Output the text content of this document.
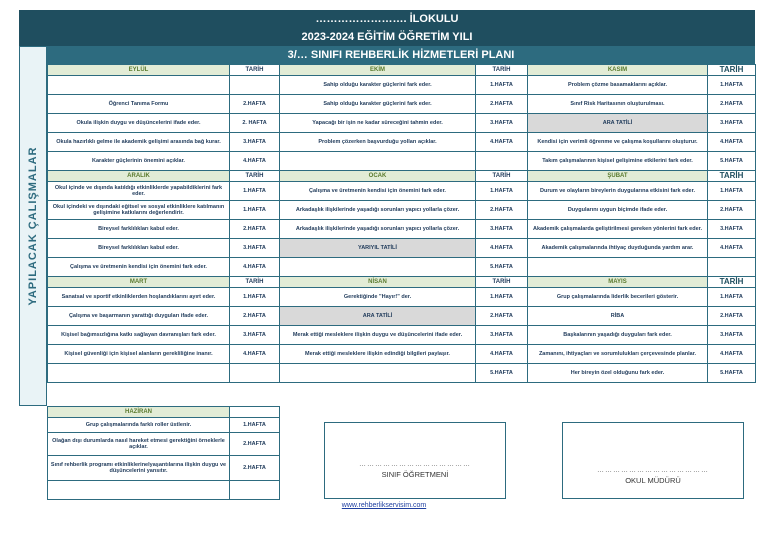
……………………. İLOKULU
2023-2024 EĞİTİM ÖĞRETİM YILI
YAPILACAK ÇALIŞMALAR
3/… SINIFI REHBERLİK HİZMETLERİ PLANI
EYLÜL	TARİH	EKİM	TARİH	KASIM	TARİH
		Sahip olduğu karakter güçlerini fark eder.	1.HAFTA	Problem çözme basamaklarını açıklar.	1.HAFTA
Öğrenci Tanıma Formu	2.HAFTA	Sahip olduğu karakter güçlerini fark eder.	2.HAFTA	Sınıf Risk Haritasının oluşturulması.	2.HAFTA
Okula ilişkin duygu ve düşüncelerini ifade eder.	2. HAFTA	Yapacağı bir işin ne kadar süreceğini tahmin eder.	3.HAFTA	ARA TATİLİ	3.HAFTA
Okula hazırlıklı gelme ile akademik gelişimi arasında bağ kurar.	3.HAFTA	Problem çözerken başvurduğu yolları açıklar.	4.HAFTA	Kendisi için verimli öğrenme ve çalışma koşullarını oluşturur.	4.HAFTA
Karakter güçlerinin önemini açıklar.	4.HAFTA			Takım çalışmalarının kişisel gelişimine etkilerini fark eder.	5.HAFTA
ARALIK	TARİH	OCAK	TARİH	ŞUBAT	TARİH
Okul içinde ve dışında katıldığı etkinliklerde yapabildiklerini fark eder.	1.HAFTA	Çalışma ve üretmenin kendisi için önemini fark eder.	1.HAFTA	Durum ve olayların bireylerin duygularına etkisini fark eder.	1.HAFTA
Okul içindeki ve dışındaki eğitsel ve sosyal etkinliklere katılmanın gelişimine katkılarını değerlendirir.	1.HAFTA	Arkadaşlık ilişkilerinde yaşadığı sorunları yapıcı yollarla çözer.	2.HAFTA	Duygularını uygun biçimde ifade eder.	2.HAFTA
Bireysel farklılıkları kabul eder.	2.HAFTA	Arkadaşlık ilişkilerinde yaşadığı sorunları yapıcı yollarla çözer.	3.HAFTA	Akademik çalışmalarda geliştirilmesi gereken yönlerini fark eder.	3.HAFTA
Bireysel farklılıkları kabul eder.	3.HAFTA	YARIYIL TATİLİ	4.HAFTA	Akademik çalışmalarında ihtiyaç duyduğunda yardım arar.	4.HAFTA
Çalışma ve üretmenin kendisi için önemini fark eder.	4.HAFTA		5.HAFTA		
MART	TARİH	NİSAN	TARİH	MAYIS	TARİH
Sanatsal ve sportif etkinliklerden hoşlandıklarını ayırt eder.	1.HAFTA	Gerektiğinde "Hayır!" der.	1.HAFTA	Grup çalışmalarında liderlik becerileri gösterir.	1.HAFTA
Çalışma ve başarmanın yarattığı duyguları ifade eder.	2.HAFTA	ARA TATİLİ	2.HAFTA	RİBA	2.HAFTA
Kişisel bağımsızlığına katkı sağlayan davranışları fark eder.	3.HAFTA	Merak ettiği mesleklere ilişkin duygu ve düşüncelerini ifade eder.	3.HAFTA	Başkalarının yaşadığı duyguları fark eder.	3.HAFTA
Kişisel güvenliği için kişisel alanların gerekliliğine inanır.	4.HAFTA	Merak ettiği mesleklere ilişkin edindiği bilgileri paylaşır.	4.HAFTA	Zamanını, ihtiyaçları ve sorumlulukları çerçevesinde planlar.	4.HAFTA
			5.HAFTA	Her bireyin özel olduğunu fark eder.	5.HAFTA
HAZİRAN	
Grup çalışmalarında farklı roller üstlenir.	1.HAFTA
Olağan dışı durumlarda nasıl hareket etmesi gerektiğini örneklerle açıklar.	2.HAFTA
Sınıf rehberlik programı etkinliklerinelyaşantılarına ilişkin duygu ve düşüncelerini yansıtır.	2.HAFTA
		……………………………………
SINIF ÖĞRETMENİ	……………………………………
OKUL MÜDÜRÜ
www.rehberlikservisim.com
